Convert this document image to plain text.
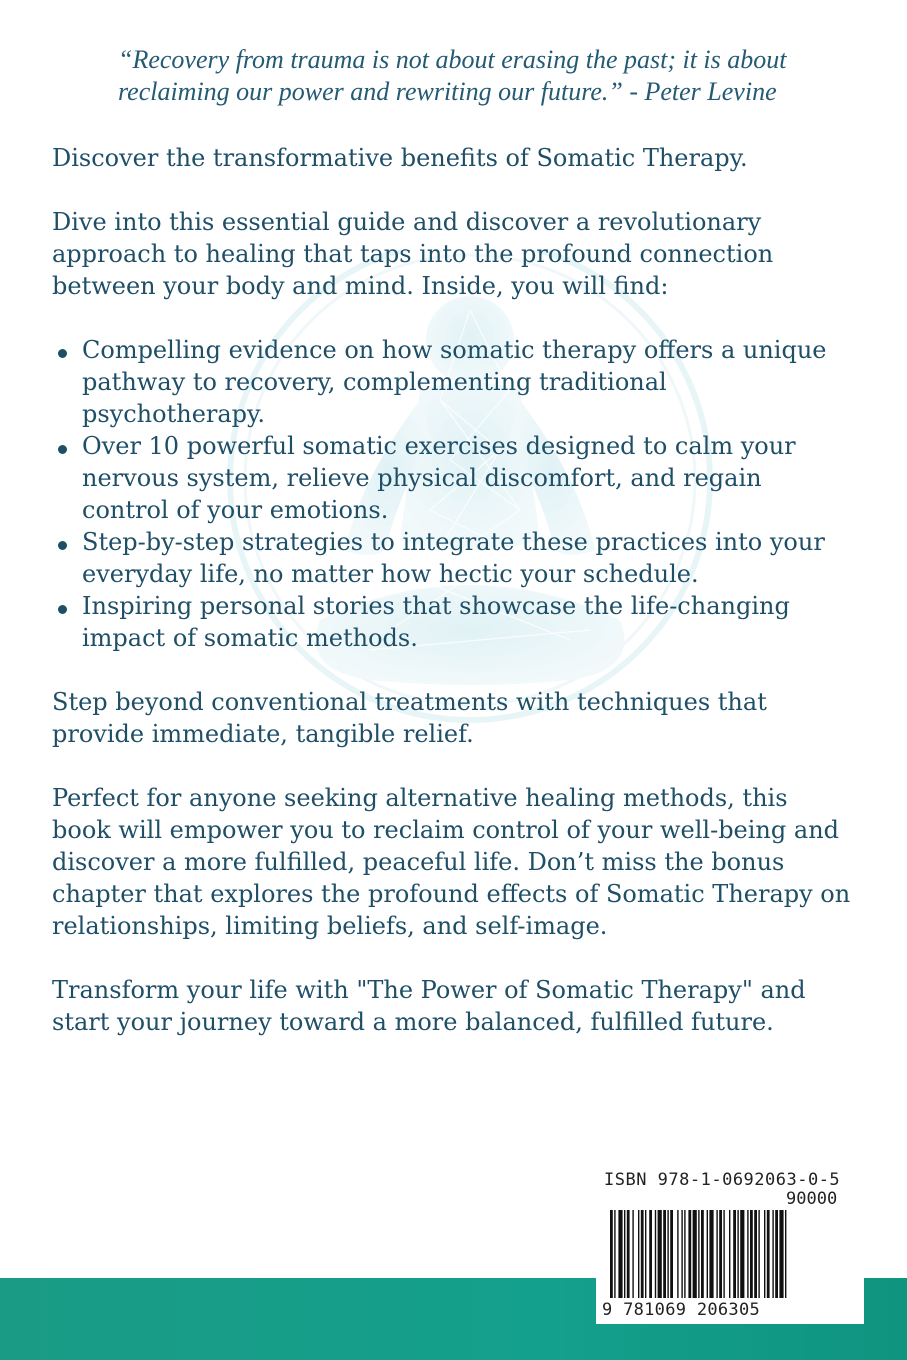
“Recovery from trauma is not about erasing the past; it is about
reclaiming our power and rewriting our future.” - Peter Levine

Discover the transformative benefits of Somatic Therapy.

Dive into this essential guide and discover a revolutionary
approach to healing that taps into the profound connection
between your body and mind. Inside, you will find:

Compelling evidence on how somatic therapy offers a unique
pathway to recovery, complementing traditional
psychotherapy.
Over 10 powerful somatic exercises designed to calm your
nervous system, relieve physical discomfort, and regain
control of your emotions.
Step-by-step strategies to integrate these practices into your
everyday life, no matter how hectic your schedule.
Inspiring personal stories that showcase the life-changing
impact of somatic methods.

Step beyond conventional treatments with techniques that
provide immediate, tangible relief.

Perfect for anyone seeking alternative healing methods, this
book will empower you to reclaim control of your well-being and
discover a more fulfilled, peaceful life. Don’t miss the bonus
chapter that explores the profound effects of Somatic Therapy on
relationships, limiting beliefs, and self-image.

Transform your life with "The Power of Somatic Therapy" and
start your journey toward a more balanced, fulfilled future.

ISBN 978-1-0692063-0-5
90000
9 781069 206305
